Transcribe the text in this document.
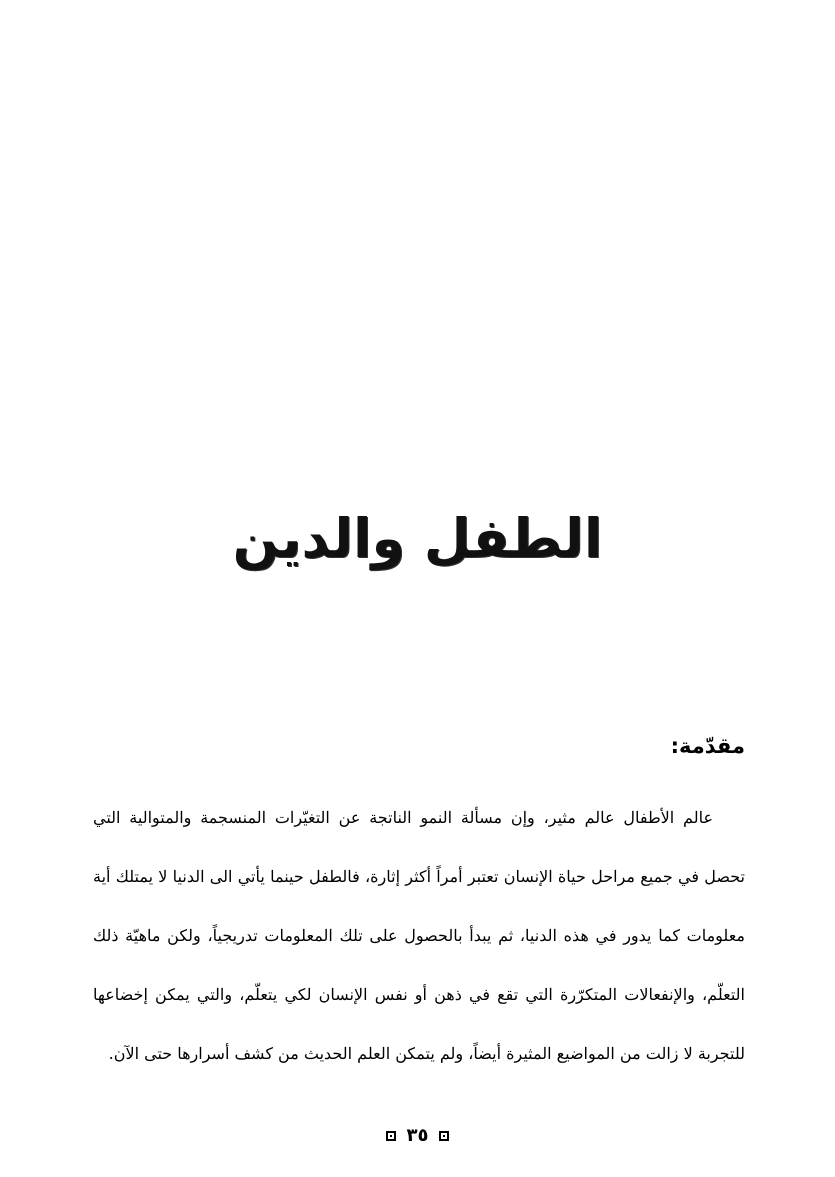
الطفل والدين
مقدّمة:

عالم الأطفال عالم مثير، وإن مسألة النمو الناتجة عن التغيّرات المنسجمة والمتوالية التي تحصل في جميع مراحل حياة الإنسان تعتبر أمراً أكثر إثارة، فالطفل حينما يأتي الى الدنيا لا يمتلك أية معلومات كما يدور في هذه الدنيا، ثم يبدأ بالحصول على تلك المعلومات تدريجياً، ولكن ماهيّة ذلك التعلّم، والإنفعالات المتكرّرة التي تقع في ذهن أو نفس الإنسان لكي يتعلّم، والتي يمكن إخضاعها للتجربة لا زالت من المواضيع المثيرة أيضاً، ولم يتمكن العلم الحديث من كشف أسرارها حتى الآن.

٣٥
